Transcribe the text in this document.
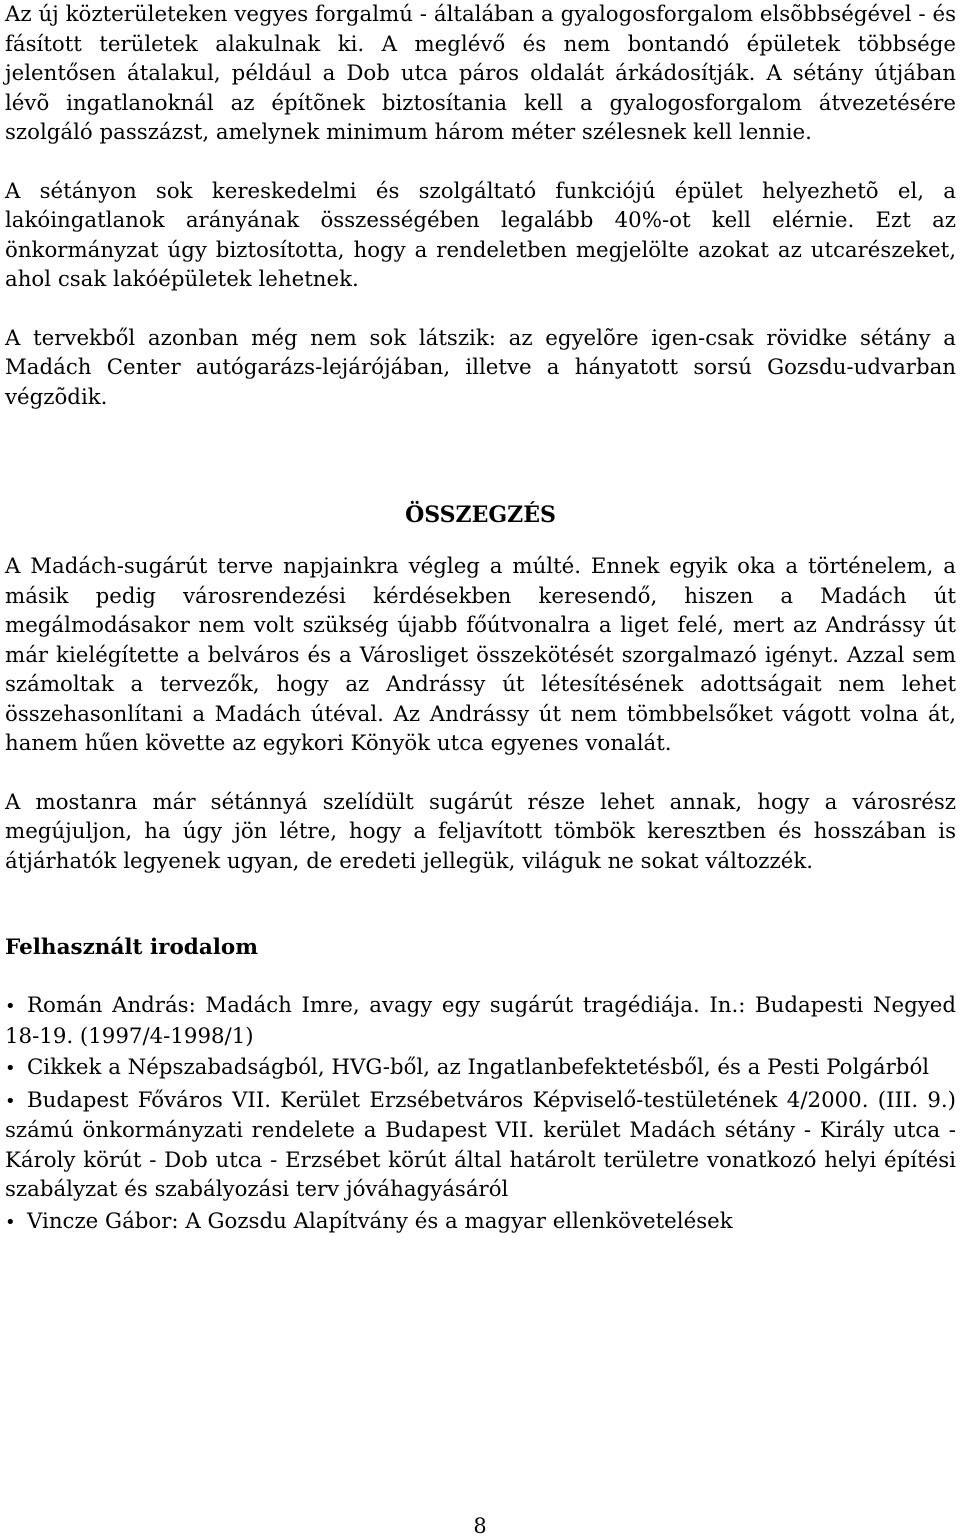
Az új közterületeken vegyes forgalmú - általában a gyalogosforgalom elsõbbségével - és fásított területek alakulnak ki. A meglévő és nem bontandó épületek többsége jelentősen átalakul, például a Dob utca páros oldalát árkádosítják. A sétány útjában lévõ ingatlanoknál az építõnek biztosítania kell a gyalogosforgalom átvezetésére szolgáló passzázst, amelynek minimum három méter szélesnek kell lennie.

A sétányon sok kereskedelmi és szolgáltató funkciójú épület helyezhetõ el, a lakóingatlanok arányának összességében legalább 40%-ot kell elérnie. Ezt az önkormányzat úgy biztosította, hogy a rendeletben megjelölte azokat az utcarészeket, ahol csak lakóépületek lehetnek.

A tervekből azonban még nem sok látszik: az egyelõre igen-csak rövidke sétány a Madách Center autógarázs-lejárójában, illetve a hányatott sorsú Gozsdu-udvarban végzõdik.

ÖSSZEGZÉS

A Madách-sugárút terve napjainkra végleg a múlté. Ennek egyik oka a történelem, a másik pedig városrendezési kérdésekben keresendő, hiszen a Madách út megálmodásakor nem volt szükség újabb főútvonalra a liget felé, mert az Andrássy út már kielégítette a belváros és a Városliget összekötését szorgalmazó igényt. Azzal sem számoltak a tervezők, hogy az Andrássy út létesítésének adottságait nem lehet összehasonlítani a Madách útéval. Az Andrássy út nem tömbbelsőket vágott volna át, hanem hűen követte az egykori Könyök utca egyenes vonalát.

A mostanra már sétánnyá szelídült sugárút része lehet annak, hogy a városrész megújuljon, ha úgy jön létre, hogy a feljavított tömbök keresztben és hosszában is átjárhatók legyenek ugyan, de eredeti jellegük, világuk ne sokat változzék.

Felhasznált irodalom
• Román András: Madách Imre, avagy egy sugárút tragédiája. In.: Budapesti Negyed 18-19. (1997/4-1998/1)
• Cikkek a Népszabadságból, HVG-ből, az Ingatlanbefektetésből, és a Pesti Polgárból
• Budapest Főváros VII. Kerület Erzsébetváros Képviselő-testületének 4/2000. (III. 9.) számú önkormányzati rendelete a Budapest VII. kerület Madách sétány - Király utca - Károly körút - Dob utca - Erzsébet körút által határolt területre vonatkozó helyi építési szabályzat és szabályozási terv jóváhagyásáról
• Vincze Gábor: A Gozsdu Alapítvány és a magyar ellenkövetelések
8
